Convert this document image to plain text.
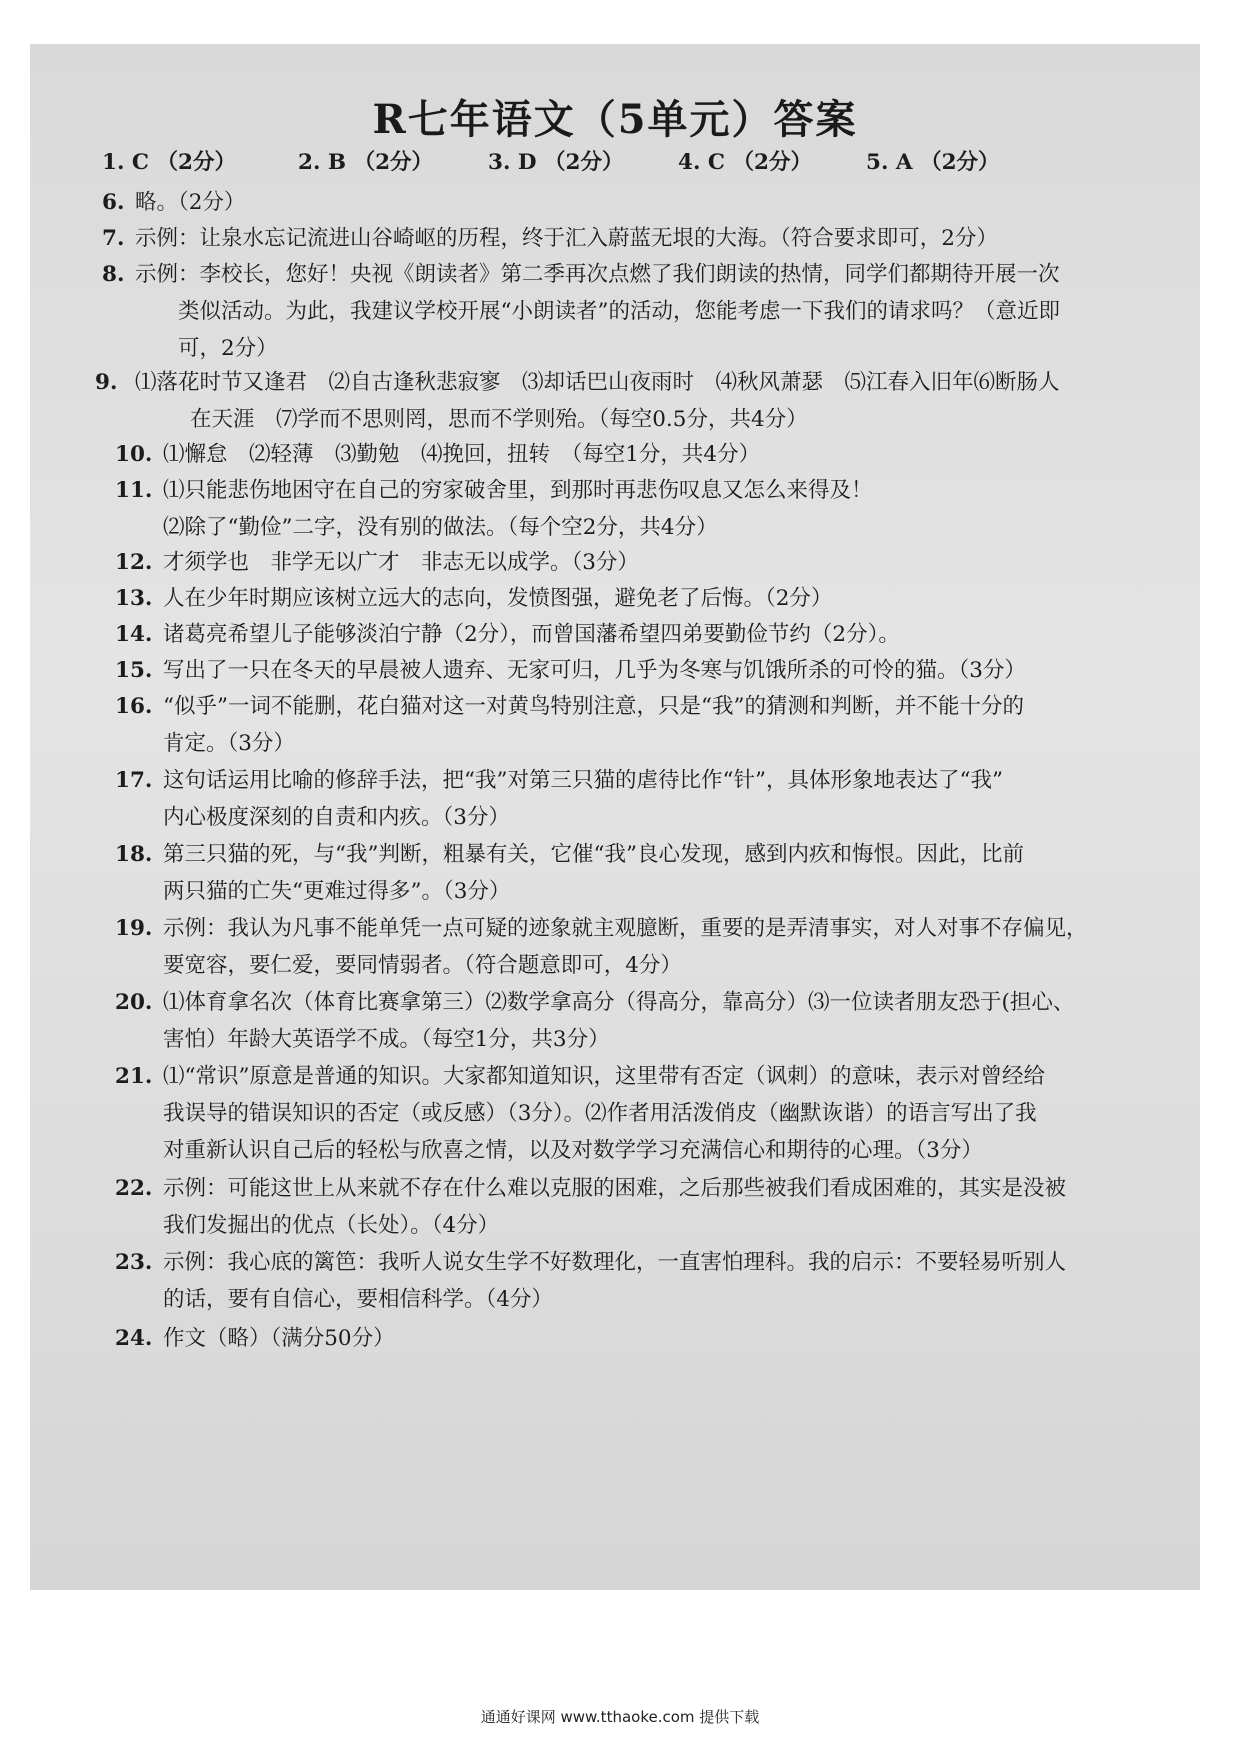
R七年语文（5单元）答案
1. C （2分）	2. B （2分）	3. D （2分）	4. C （2分）	5. A （2分）
6. 略。（2分）
7. 示例：让泉水忘记流进山谷崎岖的历程，终于汇入蔚蓝无垠的大海。（符合要求即可，2分）
8. 示例：李校长，您好！央视《朗读者》第二季再次点燃了我们朗读的热情，同学们都期待开展一次
类似活动。为此，我建议学校开展“小朗读者”的活动，您能考虑一下我们的请求吗？（意近即
可，2分）
9. ⑴落花时节又逢君　⑵自古逢秋悲寂寥　⑶却话巴山夜雨时　⑷秋风萧瑟　⑸江春入旧年⑹断肠人
在天涯　⑺学而不思则罔，思而不学则殆。（每空0.5分，共4分）
10. ⑴懈怠　⑵轻薄　⑶勤勉　⑷挽回，扭转　（每空1分，共4分）
11. ⑴只能悲伤地困守在自己的穷家破舍里，到那时再悲伤叹息又怎么来得及！
⑵除了“勤俭”二字，没有别的做法。（每个空2分，共4分）
12. 才须学也　非学无以广才　非志无以成学。（3分）
13. 人在少年时期应该树立远大的志向，发愤图强，避免老了后悔。（2分）
14. 诸葛亮希望儿子能够淡泊宁静（2分），而曾国藩希望四弟要勤俭节约（2分）。
15. 写出了一只在冬天的早晨被人遗弃、无家可归，几乎为冬寒与饥饿所杀的可怜的猫。（3分）
16. “似乎”一词不能删，花白猫对这一对黄鸟特别注意，只是“我”的猜测和判断，并不能十分的
肯定。（3分）
17. 这句话运用比喻的修辞手法，把“我”对第三只猫的虐待比作“针”，具体形象地表达了“我”
内心极度深刻的自责和内疚。（3分）
18. 第三只猫的死，与“我”判断，粗暴有关，它催“我”良心发现，感到内疚和悔恨。因此，比前
两只猫的亡失“更难过得多”。（3分）
19. 示例：我认为凡事不能单凭一点可疑的迹象就主观臆断，重要的是弄清事实，对人对事不存偏见，
要宽容，要仁爱，要同情弱者。（符合题意即可，4分）
20. ⑴体育拿名次（体育比赛拿第三）⑵数学拿高分（得高分，靠高分）⑶一位读者朋友恐于(担心、
害怕）年龄大英语学不成。（每空1分，共3分）
21. ⑴“常识”原意是普通的知识。大家都知道知识，这里带有否定（讽刺）的意味，表示对曾经给
我误导的错误知识的否定（或反感）（3分）。⑵作者用活泼俏皮（幽默诙谐）的语言写出了我
对重新认识自己后的轻松与欣喜之情，以及对数学学习充满信心和期待的心理。（3分）
22. 示例：可能这世上从来就不存在什么难以克服的困难，之后那些被我们看成困难的，其实是没被
我们发掘出的优点（长处）。（4分）
23. 示例：我心底的篱笆：我听人说女生学不好数理化，一直害怕理科。我的启示：不要轻易听别人
的话，要有自信心，要相信科学。（4分）
24. 作文（略）（满分50分）
通通好课网 www.tthaoke.com 提供下载
